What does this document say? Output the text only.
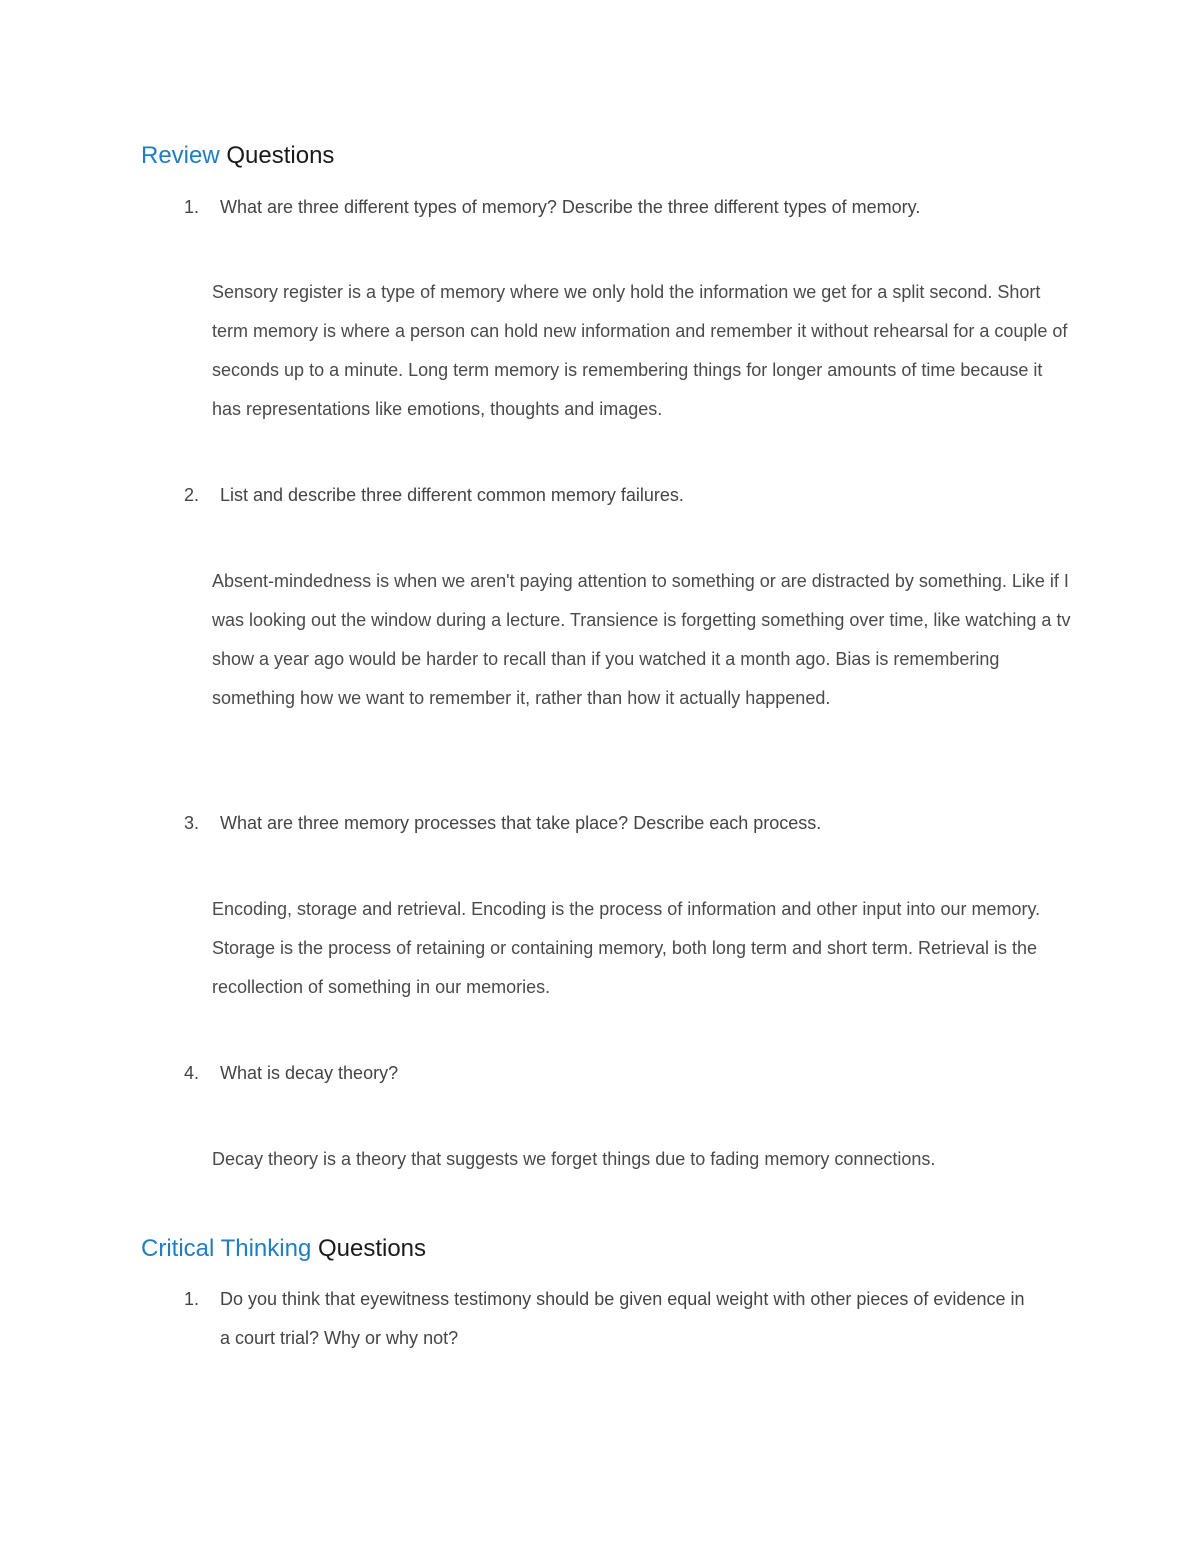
Review Questions
1. What are three different types of memory? Describe the three different types of memory.

Sensory register is a type of memory where we only hold the information we get for a split second. Short term memory is where a person can hold new information and remember it without rehearsal for a couple of seconds up to a minute. Long term memory is remembering things for longer amounts of time because it has representations like emotions, thoughts and images.

2. List and describe three different common memory failures.

Absent-mindedness is when we aren't paying attention to something or are distracted by something. Like if I was looking out the window during a lecture. Transience is forgetting something over time, like watching a tv show a year ago would be harder to recall than if you watched it a month ago. Bias is remembering something how we want to remember it, rather than how it actually happened.

3. What are three memory processes that take place? Describe each process.

Encoding, storage and retrieval. Encoding is the process of information and other input into our memory. Storage is the process of retaining or containing memory, both long term and short term. Retrieval is the recollection of something in our memories.

4. What is decay theory?

Decay theory is a theory that suggests we forget things due to fading memory connections.

Critical Thinking Questions
1. Do you think that eyewitness testimony should be given equal weight with other pieces of evidence in a court trial? Why or why not?
